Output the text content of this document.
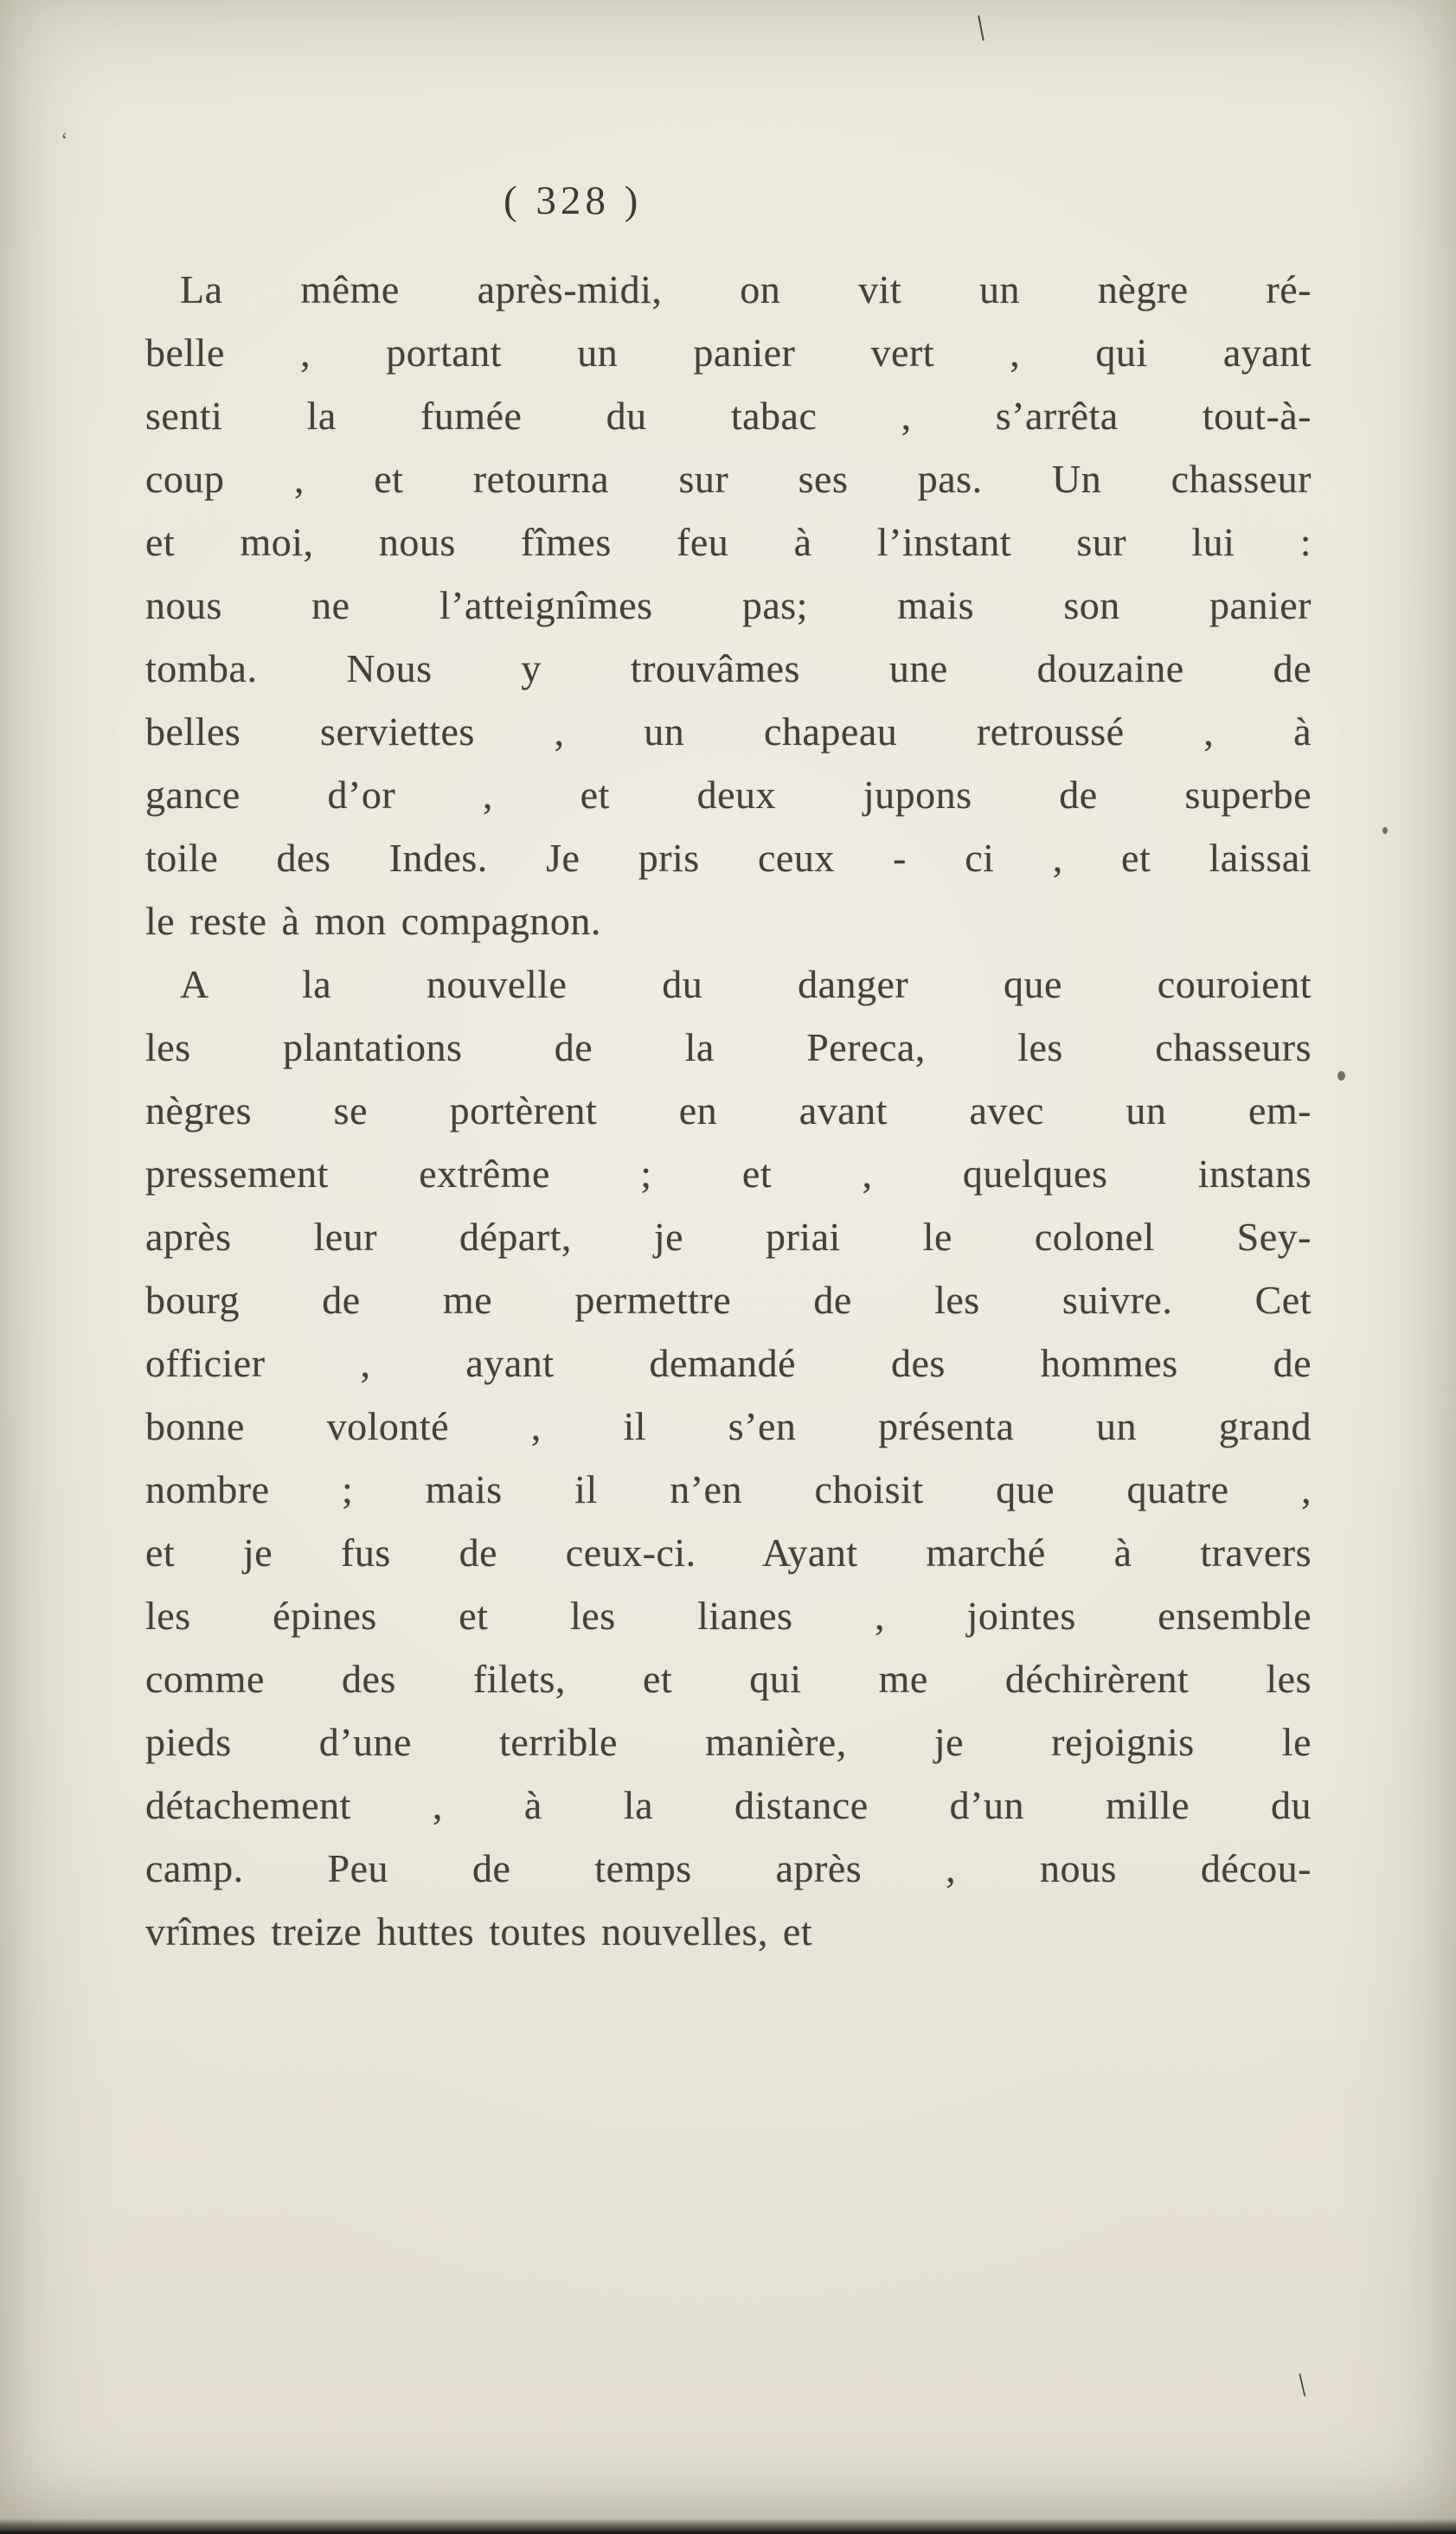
( 328 )
La même après-midi, on vit un nègre ré-
belle , portant un panier vert , qui ayant
senti la fumée du tabac , s’arrêta tout-à-
coup , et retourna sur ses pas. Un chasseur
et moi, nous fîmes feu à l’instant sur lui :
nous ne l’atteignîmes pas; mais son panier
tomba. Nous y trouvâmes une douzaine de
belles serviettes , un chapeau retroussé , à
gance d’or , et deux jupons de superbe
toile des Indes. Je pris ceux - ci , et laissai
le reste à mon compagnon.
A la nouvelle du danger que couroient
les plantations de la Pereca, les chasseurs
nègres se portèrent en avant avec un em-
pressement extrême ; et , quelques instans
après leur départ, je priai le colonel Sey-
bourg de me permettre de les suivre. Cet
officier , ayant demandé des hommes de
bonne volonté , il s’en présenta un grand
nombre ; mais il n’en choisit que quatre ,
et je fus de ceux-ci. Ayant marché à travers
les épines et les lianes , jointes ensemble
comme des filets, et qui me déchirèrent les
pieds d’une terrible manière, je rejoignis le
détachement , à la distance d’un mille du
camp. Peu de temps après , nous décou-
vrîmes treize huttes toutes nouvelles, et
\
‘
\
